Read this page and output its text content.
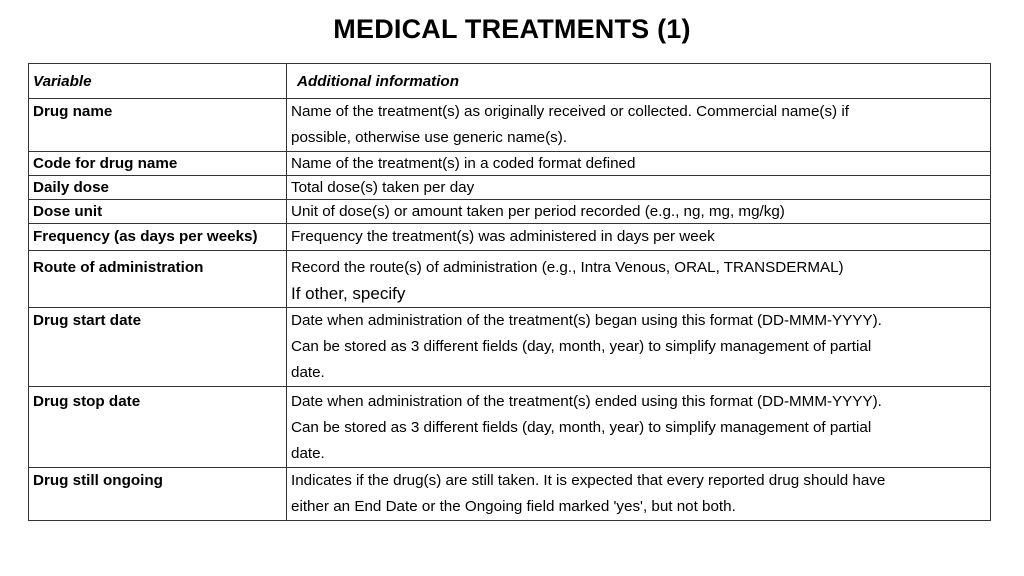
MEDICAL TREATMENTS (1)
Variable	Additional information
Drug name	Name of the treatment(s) as originally received or collected. Commercial name(s) if
possible, otherwise use generic name(s).

Code for drug name	Name of the treatment(s) in a coded format defined

Daily dose	Total dose(s) taken per day

Dose unit	Unit of dose(s) or amount taken per period recorded (e.g., ng, mg, mg/kg)

Frequency (as days per weeks)	Frequency the treatment(s) was administered in days per week

Route of administration	Record the route(s) of administration (e.g., Intra Venous, ORAL, TRANSDERMAL)
If other, specify

Drug start date	Date when administration of the treatment(s) began using this format (DD-MMM-YYYY).
Can be stored as 3 different fields (day, month, year) to simplify management of partial
date.

Drug stop date	Date when administration of the treatment(s) ended using this format (DD-MMM-YYYY).
Can be stored as 3 different fields (day, month, year) to simplify management of partial
date.

Drug still ongoing	Indicates if the drug(s) are still taken. It is expected that every reported drug should have
either an End Date or the Ongoing field marked 'yes', but not both.
